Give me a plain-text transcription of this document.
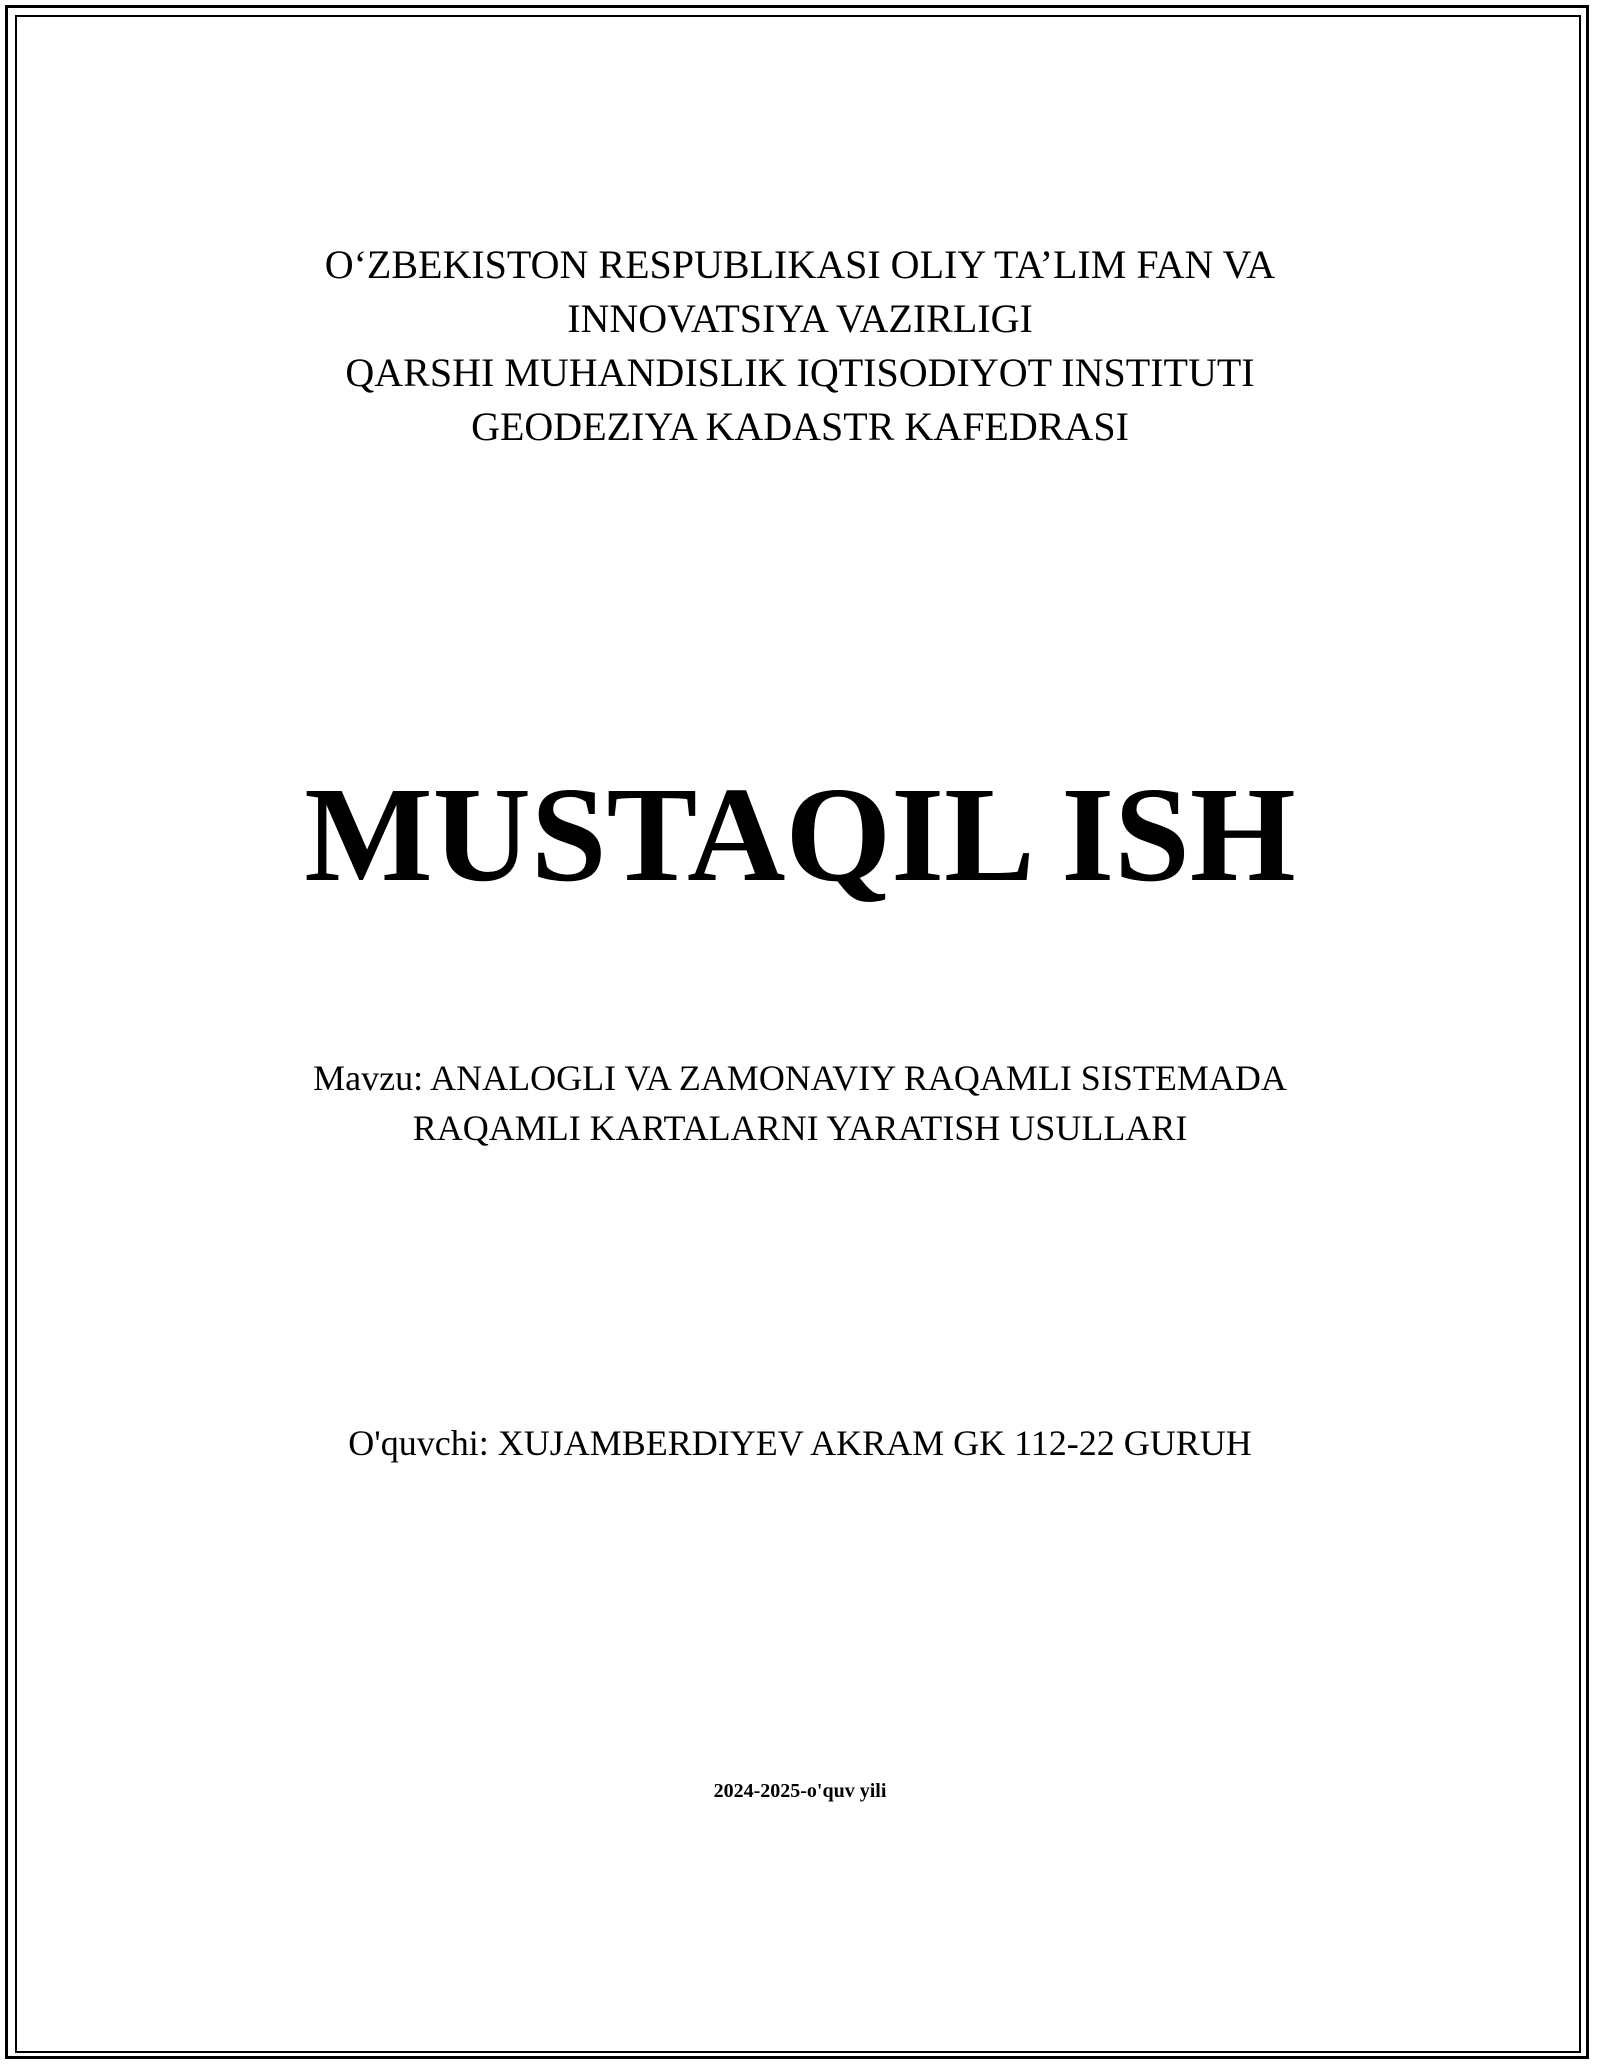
O‘ZBEKISTON RESPUBLIKASI OLIY TA’LIM FAN VA
INNOVATSIYA VAZIRLIGI
QARSHI MUHANDISLIK IQTISODIYOT INSTITUTI
GEODEZIYA KADASTR KAFEDRASI
MUSTAQIL ISH
Mavzu: ANALOGLI VA ZAMONAVIY RAQAMLI SISTEMADA
RAQAMLI KARTALARNI YARATISH USULLARI
O'quvchi: XUJAMBERDIYEV AKRAM GK 112-22 GURUH
2024-2025-o'quv yili
